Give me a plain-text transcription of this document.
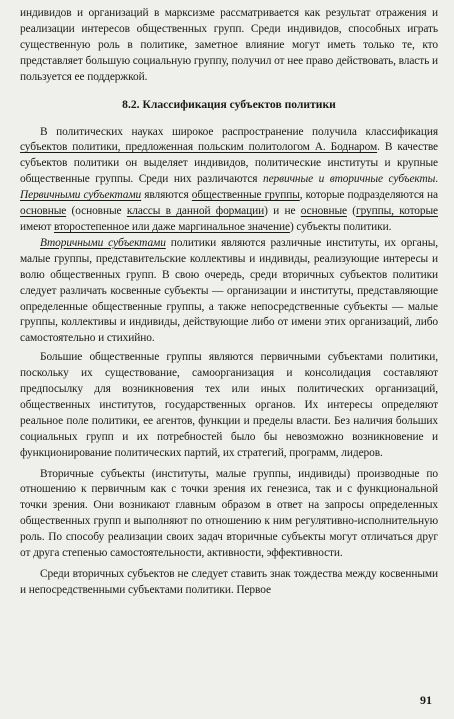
индивидов и организаций в марксизме рассматривается как результат отражения и реализации интересов общественных групп. Среди индивидов, способных играть существенную роль в политике, заметное влияние могут иметь только те, кто представляет большую социальную группу, получил от нее право действовать, власть и пользуется ее поддержкой.

8.2. Классификация субъектов политики

В политических науках широкое распространение получила классификация субъектов политики, предложенная польским политологом А. Боднаром. В качестве субъектов политики он выделяет индивидов, политические институты и крупные общественные группы. Среди них различаются первичные и вторичные субъекты. Первичными субъектами являются общественные группы, которые подразделяются на основные (основные классы в данной формации) и не основные (группы, которые имеют второстепенное или даже маргинальное значение) субъекты политики.

Вторичными субъектами политики являются различные институты, их органы, малые группы, представительские коллективы и индивиды, реализующие интересы и волю общественных групп. В свою очередь, среди вторичных субъектов политики следует различать косвенные субъекты — организации и институты, представляющие определенные общественные группы, а также непосредственные субъекты — малые группы, коллективы и индивиды, действующие либо от имени этих организаций, либо самостоятельно и стихийно.

Большие общественные группы являются первичными субъектами политики, поскольку их существование, самоорганизация и консолидация составляют предпосылку для возникновения тех или иных политических организаций, общественных институтов, государственных органов. Их интересы определяют реальное поле политики, ее агентов, функции и пределы власти. Без наличия больших социальных групп и их потребностей было бы невозможно возникновение и функционирование политических партий, их стратегий, программ, лидеров.

Вторичные субъекты (институты, малые группы, индивиды) производные по отношению к первичным как с точки зрения их генезиса, так и с функциональной точки зрения. Они возникают главным образом в ответ на запросы определенных общественных групп и выполняют по отношению к ним регулятивно-исполнительную роль. По способу реализации своих задач вторичные субъекты могут отличаться друг от друга степенью самостоятельности, активности, эффективности.

Среди вторичных субъектов не следует ставить знак тождества между косвенными и непосредственными субъектами политики. Первое

91
